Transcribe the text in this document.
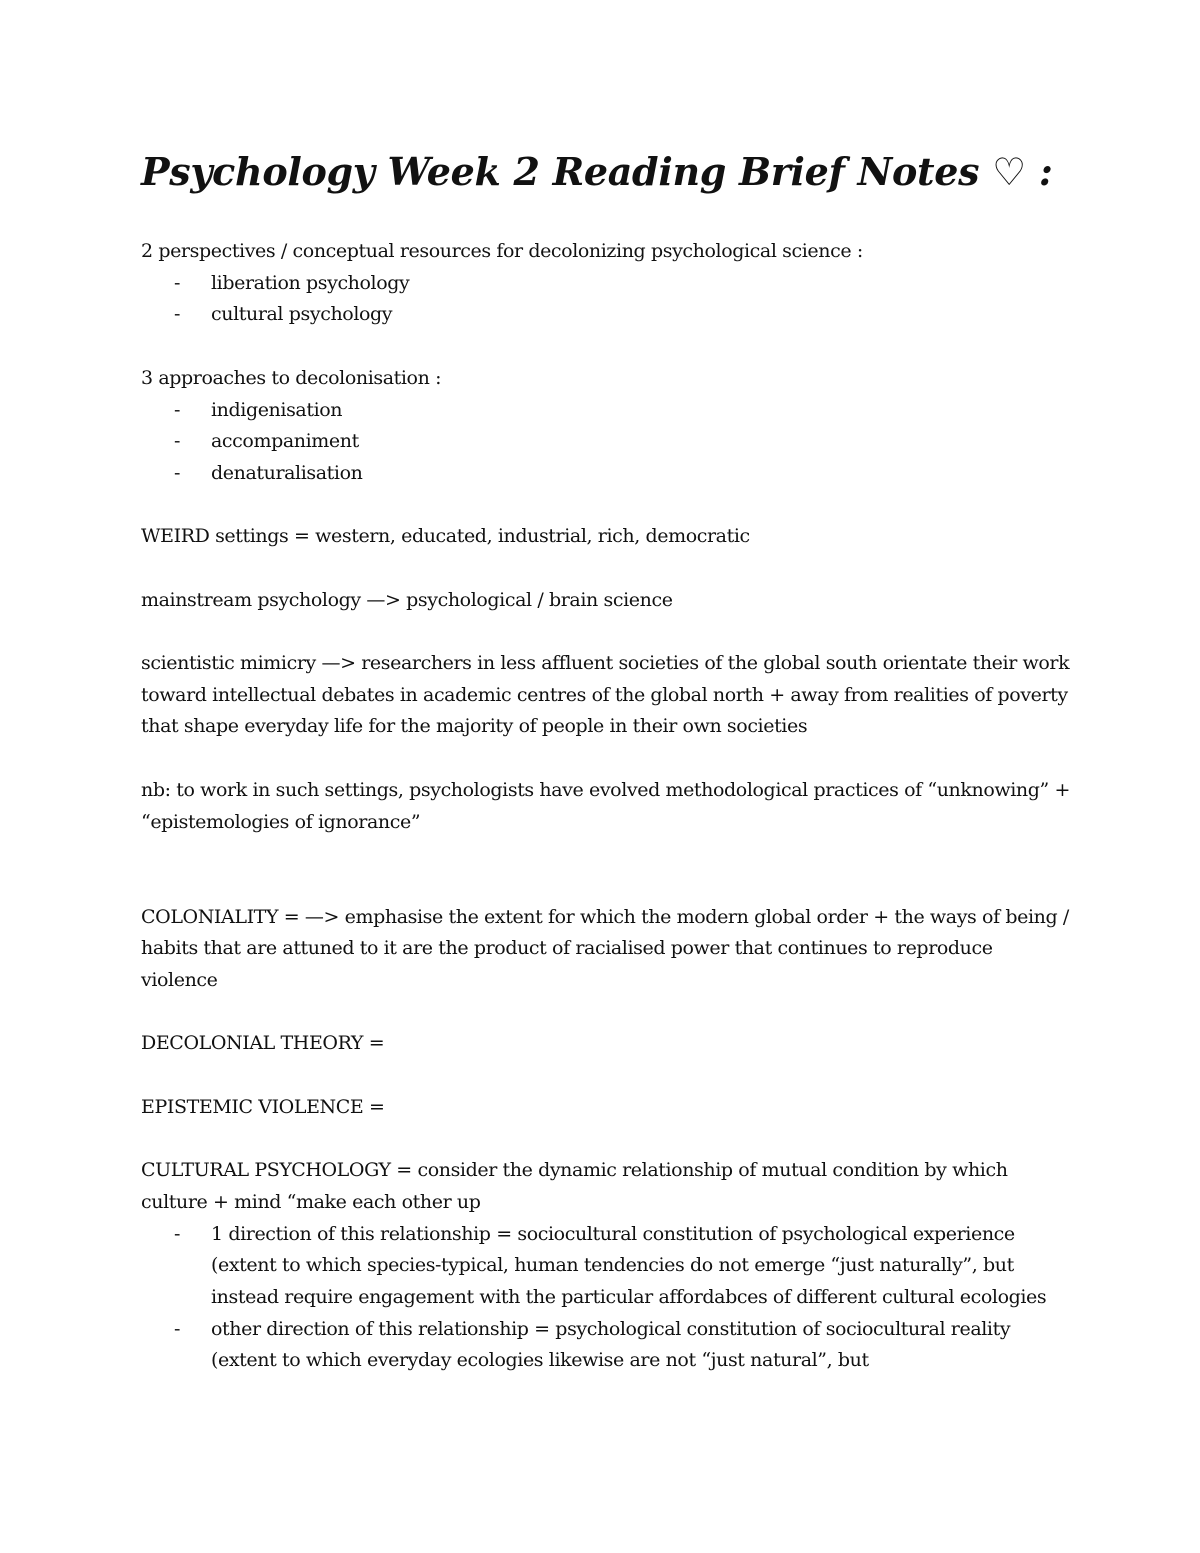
Psychology Week 2 Reading Brief Notes ♡ :

2 perspectives / conceptual resources for decolonizing psychological science :

- liberation psychology
- cultural psychology

3 approaches to decolonisation :

- indigenisation
- accompaniment
- denaturalisation

WEIRD settings = western, educated, industrial, rich, democratic

mainstream psychology —> psychological / brain science

scientistic mimicry —> researchers in less affluent societies of the global south orientate their work toward intellectual debates in academic centres of the global north + away from realities of poverty that shape everyday life for the majority of people in their own societies

nb: to work in such settings, psychologists have evolved methodological practices of “unknowing” + “epistemologies of ignorance”

COLONIALITY = —> emphasise the extent for which the modern global order + the ways of being / habits that are attuned to it are the product of racialised power that continues to reproduce violence

DECOLONIAL THEORY =

EPISTEMIC VIOLENCE =

CULTURAL PSYCHOLOGY = consider the dynamic relationship of mutual condition by which culture + mind “make each other up

- 1 direction of this relationship = sociocultural constitution of psychological experience (extent to which species-typical, human tendencies do not emerge “just naturally”, but instead require engagement with the particular affordabces of different cultural ecologies
- other direction of this relationship = psychological constitution of sociocultural reality (extent to which everyday ecologies likewise are not “just natural”, but
